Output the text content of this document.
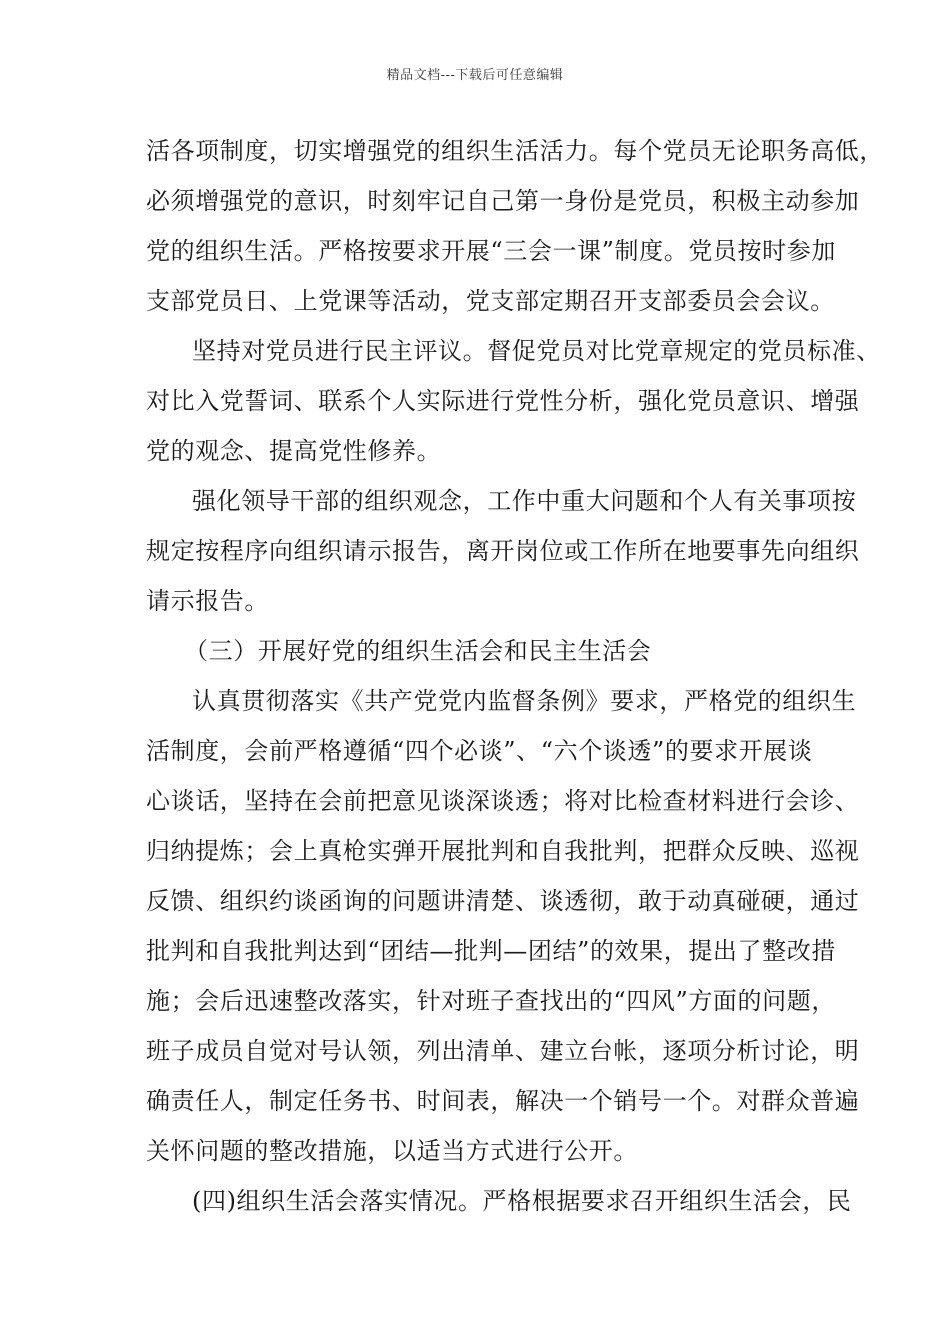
精品文档---下载后可任意编辑
活各项制度，切实增强党的组织生活活力。每个党员无论职务高低，
必须增强党的意识，时刻牢记自己第一身份是党员，积极主动参加
党的组织生活。严格按要求开展“三会一课”制度。党员按时参加
支部党员日、上党课等活动，党支部定期召开支部委员会会议。
坚持对党员进行民主评议。督促党员对比党章规定的党员标准、
对比入党誓词、联系个人实际进行党性分析，强化党员意识、增强
党的观念、提高党性修养。
强化领导干部的组织观念，工作中重大问题和个人有关事项按
规定按程序向组织请示报告，离开岗位或工作所在地要事先向组织
请示报告。
（三）开展好党的组织生活会和民主生活会
认真贯彻落实《共产党党内监督条例》要求，严格党的组织生
活制度，会前严格遵循“四个必谈”、“六个谈透”的要求开展谈
心谈话，坚持在会前把意见谈深谈透；将对比检查材料进行会诊、
归纳提炼；会上真枪实弹开展批判和自我批判，把群众反映、巡视
反馈、组织约谈函询的问题讲清楚、谈透彻，敢于动真碰硬，通过
批判和自我批判达到“团结—批判—团结”的效果，提出了整改措
施；会后迅速整改落实，针对班子查找出的“四风”方面的问题，
班子成员自觉对号认领，列出清单、建立台帐，逐项分析讨论，明
确责任人，制定任务书、时间表，解决一个销号一个。对群众普遍
关怀问题的整改措施，以适当方式进行公开。
(四)组织生活会落实情况。严格根据要求召开组织生活会，民
